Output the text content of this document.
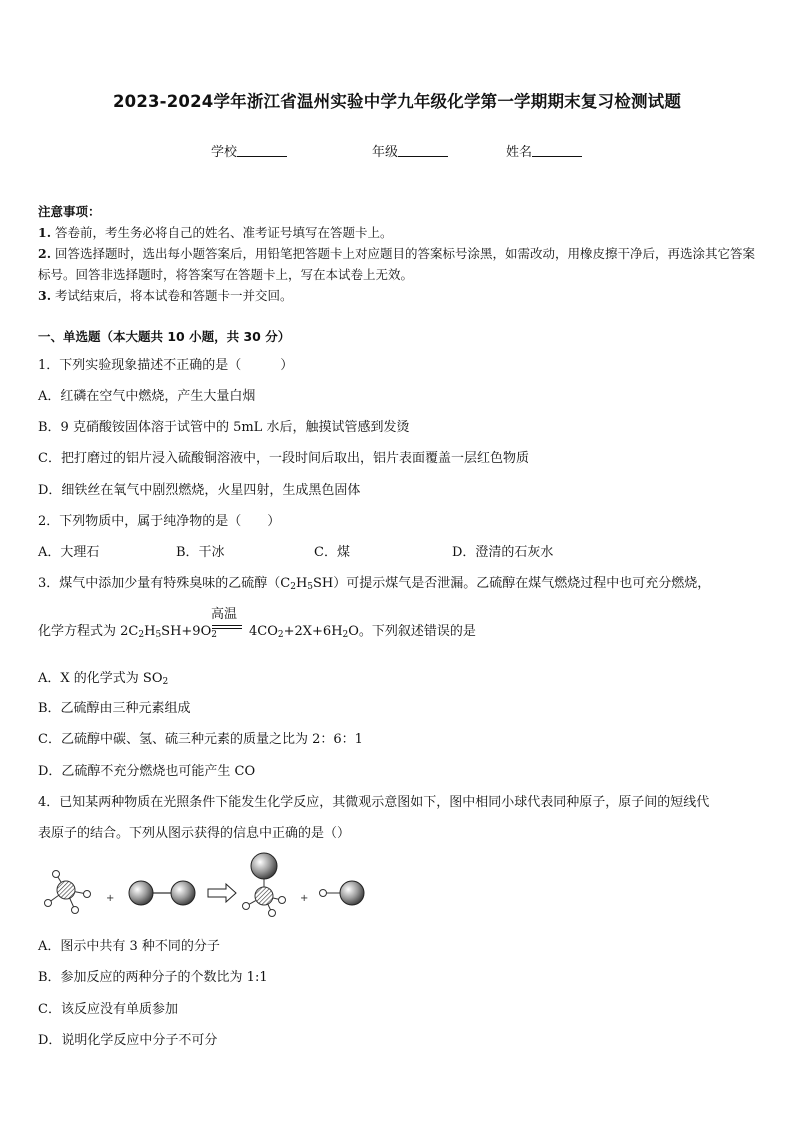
2023-2024学年浙江省温州实验中学九年级化学第一学期期末复习检测试题
学校	年级	姓名
注意事项：
1. 答卷前，考生务必将自己的姓名、准考证号填写在答题卡上。
2. 回答选择题时，选出每小题答案后，用铅笔把答题卡上对应题目的答案标号涂黑，如需改动，用橡皮擦干净后，再选涂其它答案标号。回答非选择题时，将答案写在答题卡上，写在本试卷上无效。
3. 考试结束后，将本试卷和答题卡一并交回。
一、单选题（本大题共 10 小题，共 30 分）
1．下列实验现象描述不正确的是（　　　）
A．红磷在空气中燃烧，产生大量白烟
B．9 克硝酸铵固体溶于试管中的 5mL 水后，触摸试管感到发烫
C．把打磨过的铝片浸入硫酸铜溶液中，一段时间后取出，铝片表面覆盖一层红色物质
D．细铁丝在氧气中剧烈燃烧，火星四射，生成黑色固体
2．下列物质中，属于纯净物的是（　　）
A．大理石	B．干冰	C．煤	D．澄清的石灰水
3．煤气中添加少量有特殊臭味的乙硫醇$(C_2H_5SH)$可提示煤气是否泄漏。乙硫醇在煤气燃烧过程中也可充分燃烧，
高温
化学方程式为 $2C_2H_5SH+9O_2$ $4CO_2+2X+6H_2O$。下列叙述错误的是
A．X 的化学式为 $SO_2$
B．乙硫醇由三种元素组成
C．乙硫醇中碳、氢、硫三种元素的质量之比为 2：6：1
D．乙硫醇不充分燃烧也可能产生 CO
4．已知某两种物质在光照条件下能发生化学反应，其微观示意图如下，图中相同小球代表同种原子，原子间的短线代
表原子的结合。下列从图示获得的信息中正确的是（）
+	+
A．图示中共有 3 种不同的分子
B．参加反应的两种分子的个数比为 1:1
C．该反应没有单质参加
D．说明化学反应中分子不可分
